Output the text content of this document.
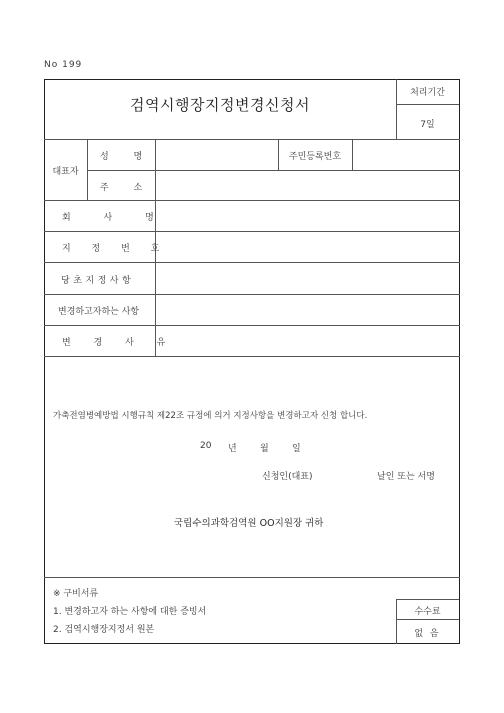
No 199
검역시행장지정변경신청서
처리기간
7일
대표자
성 명	주민등록번호
주 소
회 사 명
지 정 번 호
당초지정사항
변경하고자하는 사항
변 경 사 유
가축전염병예방법 시행규칙 제22조 규정에 의거 지정사항을 변경하고자 신청 합니다.
20 년	월	일
신청인(대표)	날인 또는 서명
국립수의과학검역원 OO지원장 귀하
※ 구비서류
1. 변경하고자 하는 사항에 대한 증빙서
2. 검역시행장지정서 원본
수수료
없 음
